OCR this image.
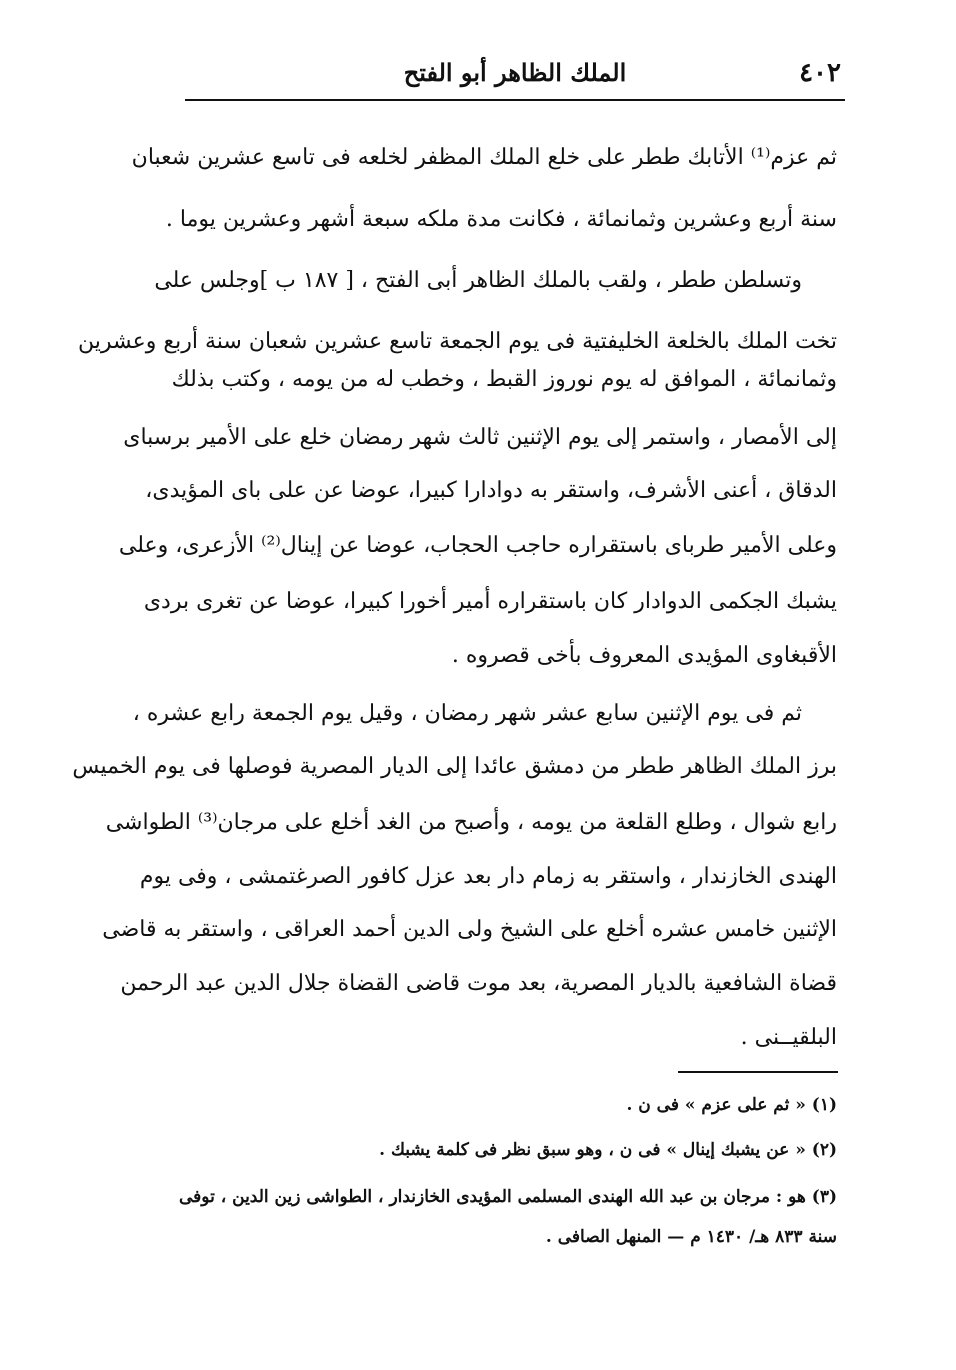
٤٠٢
الملك الظاهر أبو الفتح
ثم عزم⁽¹⁾ الأتابك ططر على خلع الملك المظفر لخلعه فى تاسع عشرين شعبان
سنة أربع وعشرين وثمانمائة ، فكانت مدة ملكه سبعة أشهر وعشرين يوما .
وتسلطن ططر ، ولقب بالملك الظاهر أبى الفتح ، [ ١٨٧ ب ]وجلس على
تخت الملك بالخلعة الخليفتية فى يوم الجمعة تاسع عشرين شعبان سنة أربع وعشرين
وثمانمائة ، الموافق له يوم نوروز القبط ، وخطب له من يومه ، وكتب بذلك
إلى الأمصار ، واستمر إلى يوم الإثنين ثالث شهر رمضان خلع على الأمير برسباى
الدقاق ، أعنى الأشرف، واستقر به دوادارا كبيرا، عوضا عن على باى المؤيدى،
وعلى الأمير طرباى باستقراره حاجب الحجاب، عوضا عن إينال⁽²⁾ الأزعرى، وعلى
يشبك الجكمى الدوادار كان باستقراره أمير أخورا كبيرا، عوضا عن تغرى بردى
الأقبغاوى المؤيدى المعروف بأخى قصروه .
ثم فى يوم الإثنين سابع عشر شهر رمضان ، وقيل يوم الجمعة رابع عشره ،
برز الملك الظاهر ططر من دمشق عائدا إلى الديار المصرية فوصلها فى يوم الخميس
رابع شوال ، وطلع القلعة من يومه ، وأصبح من الغد أخلع على مرجان⁽³⁾ الطواشى
الهندى الخازندار ، واستقر به زمام دار بعد عزل كافور الصرغتمشى ، وفى يوم
الإثنين خامس عشره أخلع على الشيخ ولى الدين أحمد العراقى ، واستقر به قاضى
قضاة الشافعية بالديار المصرية، بعد موت قاضى القضاة جلال الدين عبد الرحمن
البلقيــنى .
(١) « ثم على عزم » فى ن .
(٢) « عن يشبك إينال » فى ن ، وهو سبق نظر فى كلمة يشبك .
(٣) هو : مرجان بن عبد الله الهندى المسلمى المؤيدى الخازندار ، الطواشى زين الدين ، توفى
سنة ٨٣٣ هـ/ ١٤٣٠ م — المنهل الصافى .
